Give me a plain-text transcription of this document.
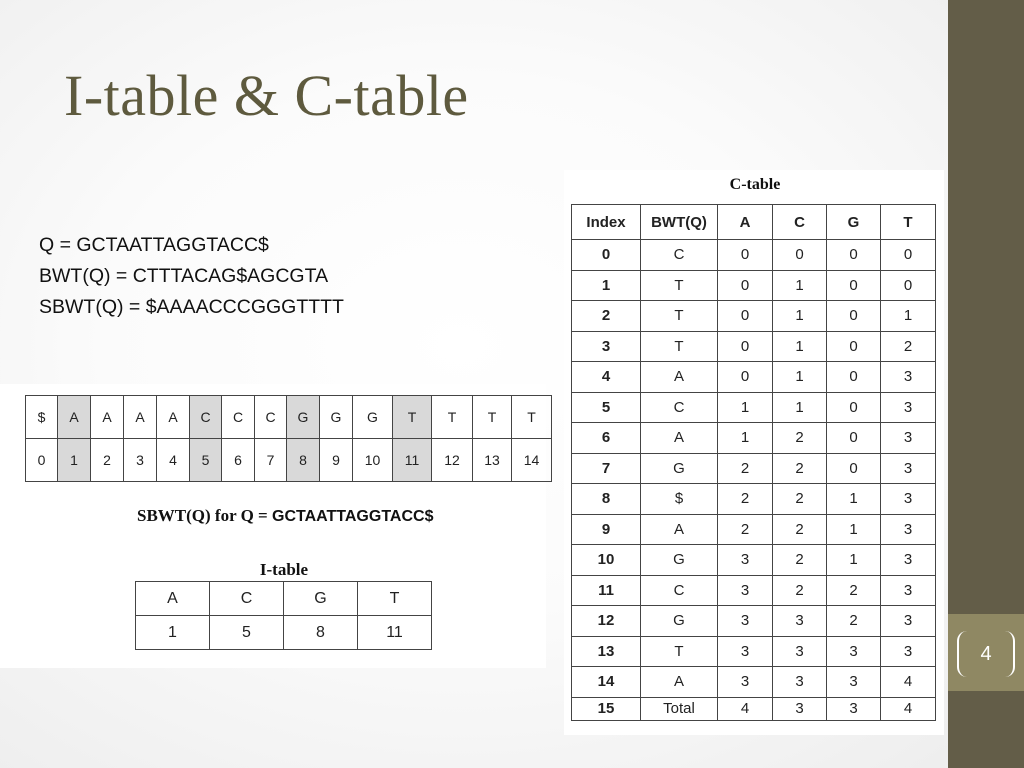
4
I-table & C-table
Q = GCTAATTAGGTACC$
BWT(Q) = CTTTACAG$AGCGTA
SBWT(Q) = $AAAACCCGGGTTTT
$	A	A	A	A	C	C	C	G	G	G	T	T	T	T
0	1	2	3	4	5	6	7	8	9	10	11	12	13	14
SBWT(Q) for Q = GCTAATTAGGTACC$
I-table
A	C	G	T
1	5	8	11
C-table
Index	BWT(Q)	A	C	G	T
0	C	0	0	0	0
1	T	0	1	0	0
2	T	0	1	0	1
3	T	0	1	0	2
4	A	0	1	0	3
5	C	1	1	0	3
6	A	1	2	0	3
7	G	2	2	0	3
8	$	2	2	1	3
9	A	2	2	1	3
10	G	3	2	1	3
11	C	3	2	2	3
12	G	3	3	2	3
13	T	3	3	3	3
14	A	3	3	3	4
15	Total	4	3	3	4
